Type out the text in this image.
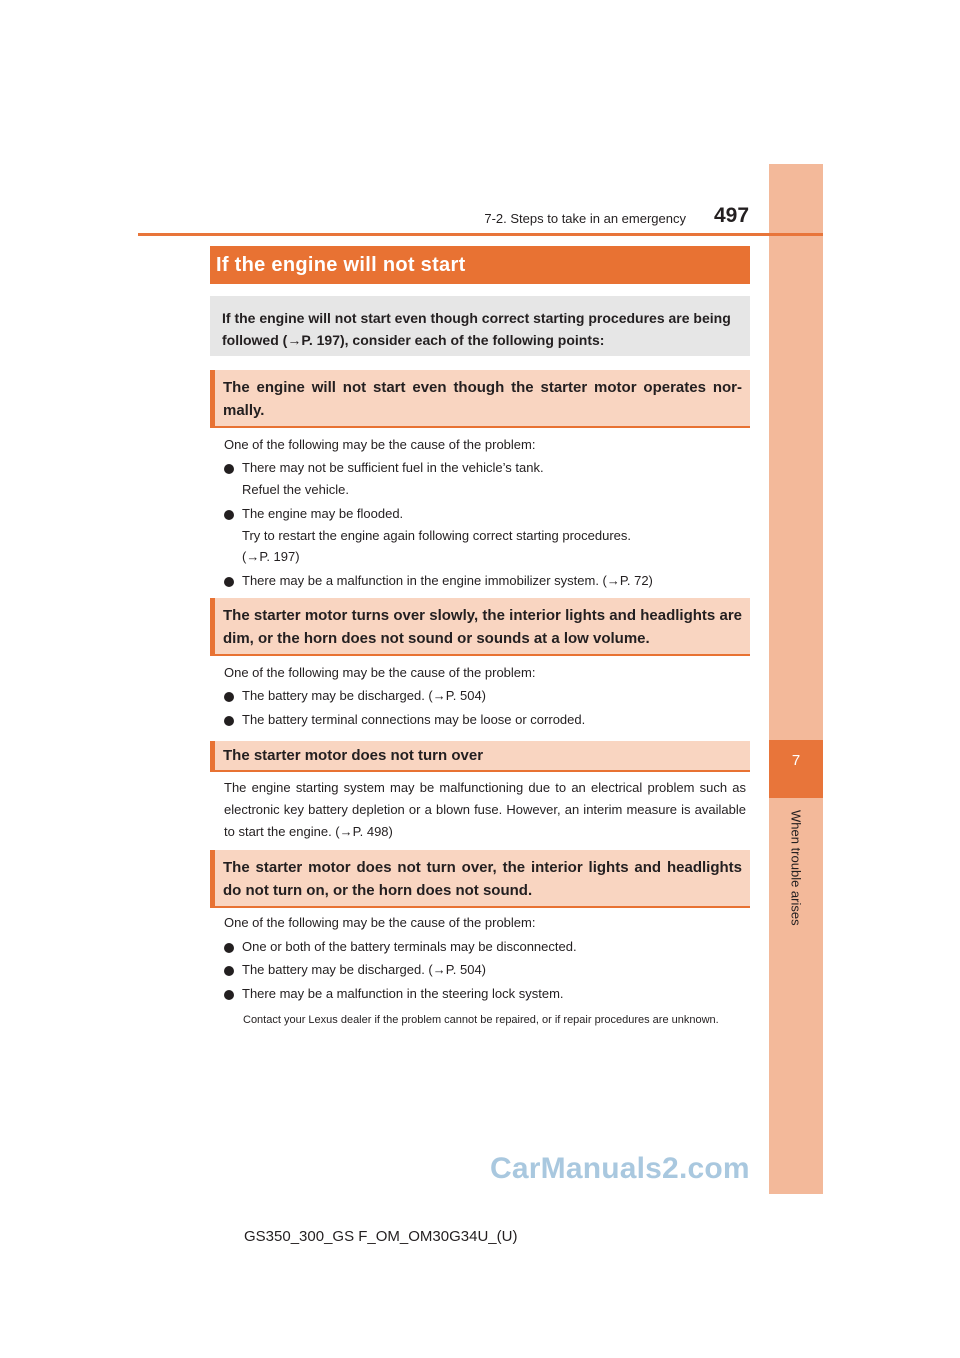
7
When trouble arises
7-2. Steps to take in an emergency 497
If the engine will not start
If the engine will not start even though correct starting procedures are being followed (→P. 197), consider each of the following points:
The engine will not start even though the starter motor operates nor-mally.
One of the following may be the cause of the problem:
There may not be sufficient fuel in the vehicle’s tank.
Refuel the vehicle.
The engine may be flooded.
Try to restart the engine again following correct starting procedures.
(→P. 197)
There may be a malfunction in the engine immobilizer system. (→P. 72)
The starter motor turns over slowly, the interior lights and headlights are dim, or the horn does not sound or sounds at a low volume.
One of the following may be the cause of the problem:
The battery may be discharged. (→P. 504)
The battery terminal connections may be loose or corroded.
The starter motor does not turn over
The engine starting system may be malfunctioning due to an electrical problem such as electronic key battery depletion or a blown fuse. However, an interim measure is available to start the engine. (→P. 498)
The starter motor does not turn over, the interior lights and headlights do not turn on, or the horn does not sound.
One of the following may be the cause of the problem:
One or both of the battery terminals may be disconnected.
The battery may be discharged. (→P. 504)
There may be a malfunction in the steering lock system.
Contact your Lexus dealer if the problem cannot be repaired, or if repair procedures are unknown.
CarManuals2.com
GS350_300_GS F_OM_OM30G34U_(U)
